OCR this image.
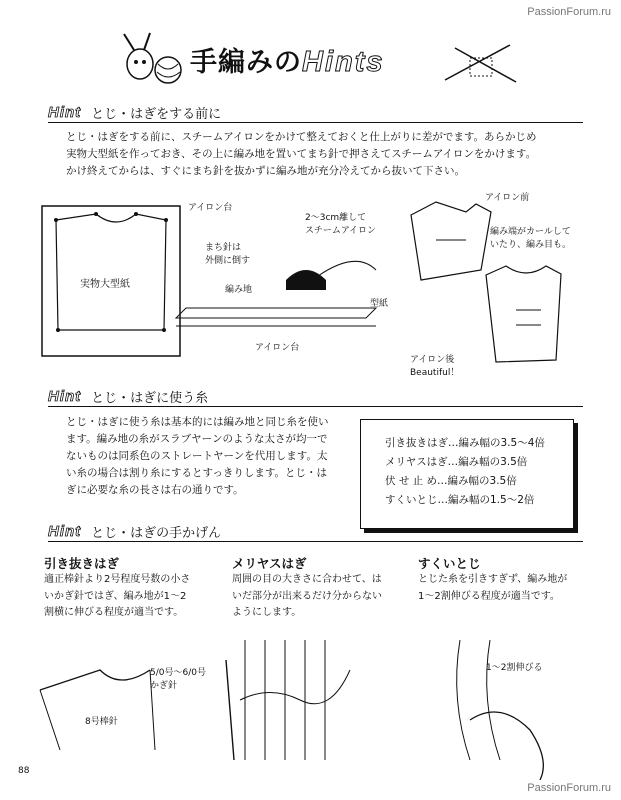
PassionForum.ru
PassionForum.ru
手編みのHints
Hint とじ・はぎをする前に
とじ・はぎをする前に、スチームアイロンをかけて整えておくと仕上がりに差がでます。あらかじめ
実物大型紙を作っておき、その上に編み地を置いてまち針で押さえてスチームアイロンをかけます。
かけ終えてからは、すぐにまち針を抜かずに編み地が充分冷えてから抜いて下さい。
アイロン台
実物大型紙
まち針は
外側に倒す
2～3cm離して
スチームアイロン
編み地
型紙
アイロン台
アイロン前
編み端がカールして
いたり、編み目も。
アイロン後
Beautiful！
Hint とじ・はぎに使う糸
とじ・はぎに使う糸は基本的には編み地と同じ糸を使い
ます。編み地の糸がスラブヤーンのような太さが均一で
ないものは同系色のストレートヤーンを代用します。太
い糸の場合は割り糸にするとすっきりします。とじ・は
ぎに必要な糸の長さは右の通りです。
引き抜きはぎ…編み幅の3.5～4倍
メリヤスはぎ…編み幅の3.5倍
伏 せ 止 め…編み幅の3.5倍
すくいとじ…編み幅の1.5～2倍
Hint とじ・はぎの手かげん
引き抜きはぎ
適正棒針より2号程度号数の小さ
いかぎ針ではぎ、編み地が1～2
割横に伸びる程度が適当です。
メリヤスはぎ
周囲の目の大きさに合わせて、は
いだ部分が出来るだけ分からない
ようにします。
すくいとじ
とじた糸を引きすぎず、編み地が
1～2割伸びる程度が適当です。
5/0号～6/0号
かぎ針
8号棒針
1～2割伸びる
88
